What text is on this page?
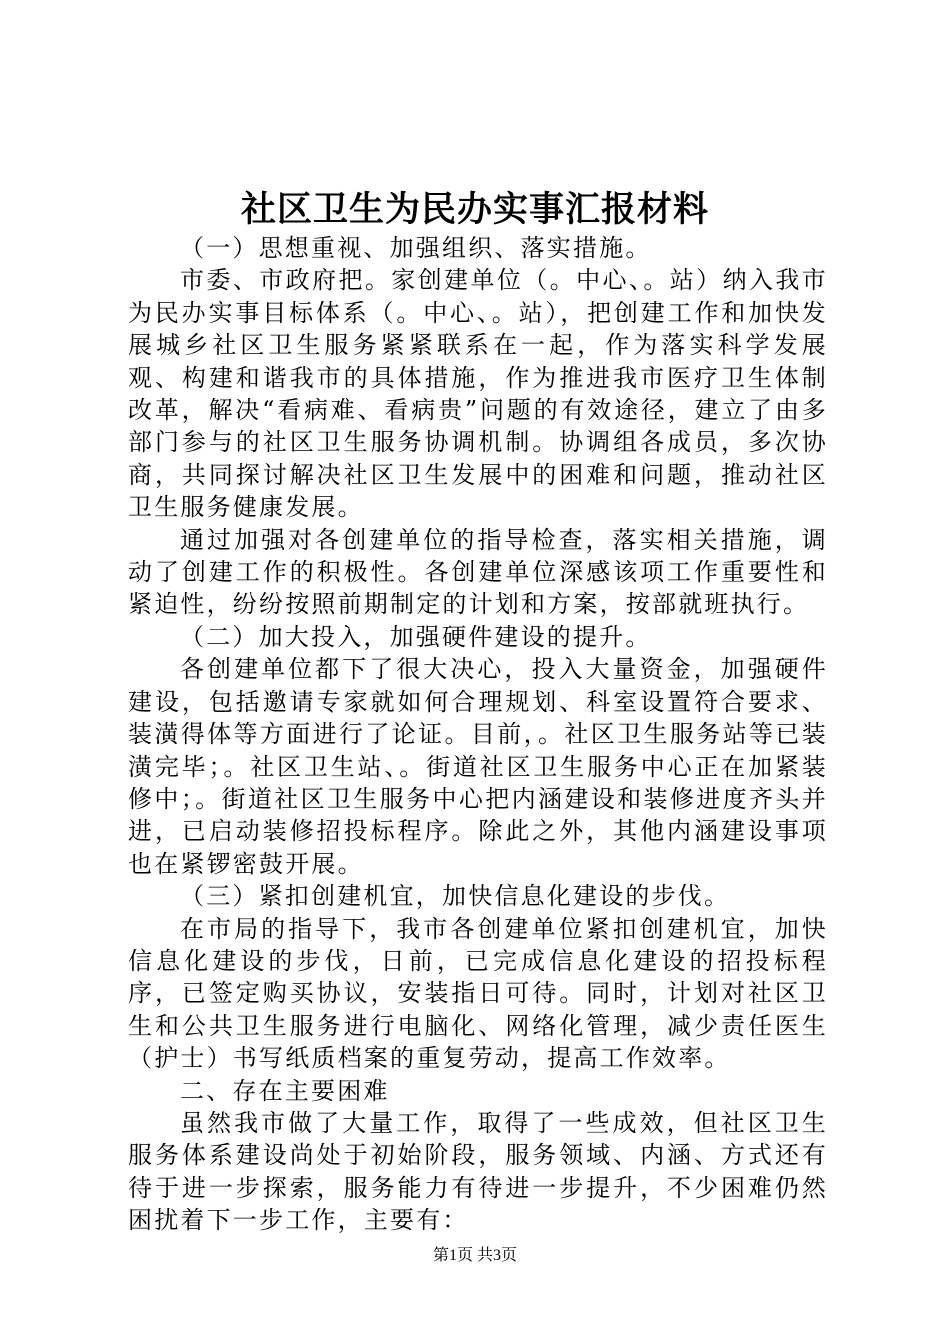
社区卫生为民办实事汇报材料

（一）思想重视、加强组织、落实措施。

市委、市政府把。家创建单位（。中心、。站）纳入我市为民办实事目标体系（。中心、。站），把创建工作和加快发展城乡社区卫生服务紧紧联系在一起，作为落实科学发展观、构建和谐我市的具体措施，作为推进我市医疗卫生体制改革，解决“看病难、看病贵”问题的有效途径，建立了由多部门参与的社区卫生服务协调机制。协调组各成员，多次协商，共同探讨解决社区卫生发展中的困难和问题，推动社区卫生服务健康发展。

通过加强对各创建单位的指导检查，落实相关措施，调动了创建工作的积极性。各创建单位深感该项工作重要性和紧迫性，纷纷按照前期制定的计划和方案，按部就班执行。

（二）加大投入，加强硬件建设的提升。

各创建单位都下了很大决心，投入大量资金，加强硬件建设，包括邀请专家就如何合理规划、科室设置符合要求、装潢得体等方面进行了论证。目前，。社区卫生服务站等已装潢完毕；。社区卫生站、。街道社区卫生服务中心正在加紧装修中；。街道社区卫生服务中心把内涵建设和装修进度齐头并进，已启动装修招投标程序。除此之外，其他内涵建设事项也在紧锣密鼓开展。

（三）紧扣创建机宜，加快信息化建设的步伐。

在市局的指导下，我市各创建单位紧扣创建机宜，加快信息化建设的步伐，日前，已完成信息化建设的招投标程序，已签定购买协议，安装指日可待。同时，计划对社区卫生和公共卫生服务进行电脑化、网络化管理，减少责任医生（护士）书写纸质档案的重复劳动，提高工作效率。

二、存在主要困难

虽然我市做了大量工作，取得了一些成效，但社区卫生服务体系建设尚处于初始阶段，服务领域、内涵、方式还有待于进一步探索，服务能力有待进一步提升，不少困难仍然困扰着下一步工作，主要有：

第1页 共3页
